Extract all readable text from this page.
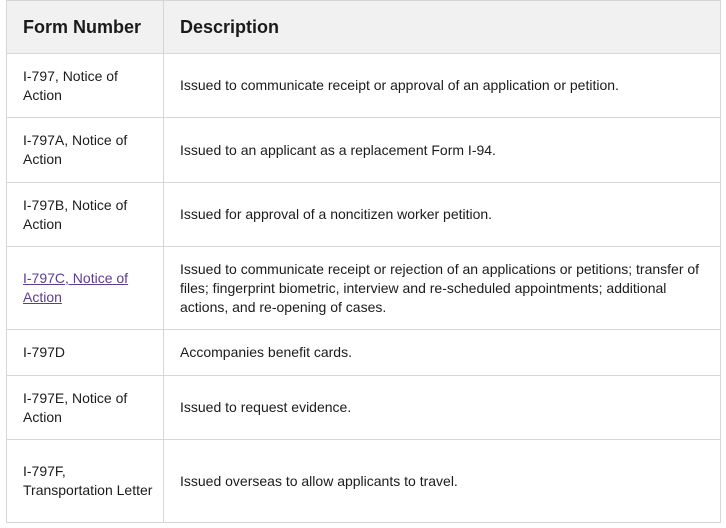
Form Number	Description
I-797, Notice of Action	Issued to communicate receipt or approval of an application or petition.
I-797A, Notice of Action	Issued to an applicant as a replacement Form I-94.
I-797B, Notice of Action	Issued for approval of a noncitizen worker petition.
I-797C, Notice of Action	Issued to communicate receipt or rejection of an applications or petitions; transfer of files; fingerprint biometric, interview and re-scheduled appointments; additional actions, and re-opening of cases.
I-797D	Accompanies benefit cards.
I-797E, Notice of Action	Issued to request evidence.
I-797F, Transportation Letter	Issued overseas to allow applicants to travel.
